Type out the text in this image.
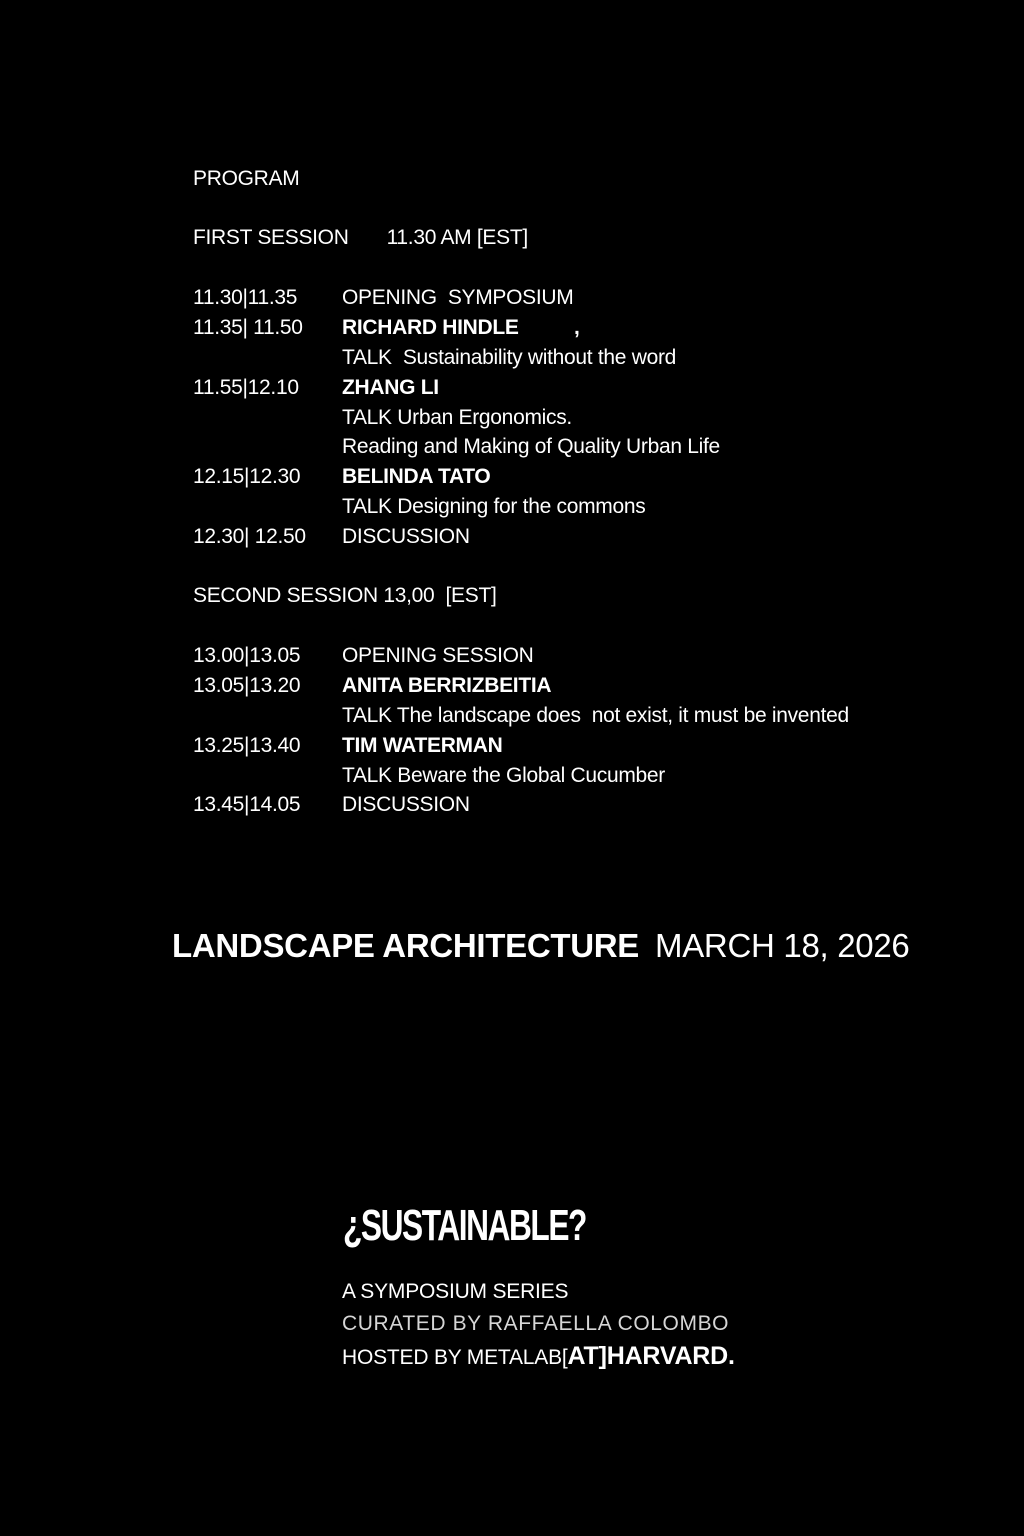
PROGRAM
FIRST SESSION 11.30 AM [EST]
11.30|11.35 OPENING  SYMPOSIUM
11.35| 11.50 RICHARD HINDLE          ,
TALK  Sustainability without the word
11.55|12.10 ZHANG LI
TALK Urban Ergonomics.
Reading and Making of Quality Urban Life
12.15|12.30 BELINDA TATO
TALK Designing for the commons
12.30| 12.50 DISCUSSION
SECOND SESSION 13,00  [EST]
13.00|13.05 OPENING SESSION
13.05|13.20 ANITA BERRIZBEITIA
TALK The landscape does  not exist, it must be invented
13.25|13.40 TIM WATERMAN
TALK Beware the Global Cucumber
13.45|14.05 DISCUSSION
LANDSCAPE ARCHITECTURE MARCH 18, 2026
¿SUSTAINABLE?
A SYMPOSIUM SERIES
CURATED BY RAFFAELLA COLOMBO
HOSTED BY METALAB[AT]HARVARD.
